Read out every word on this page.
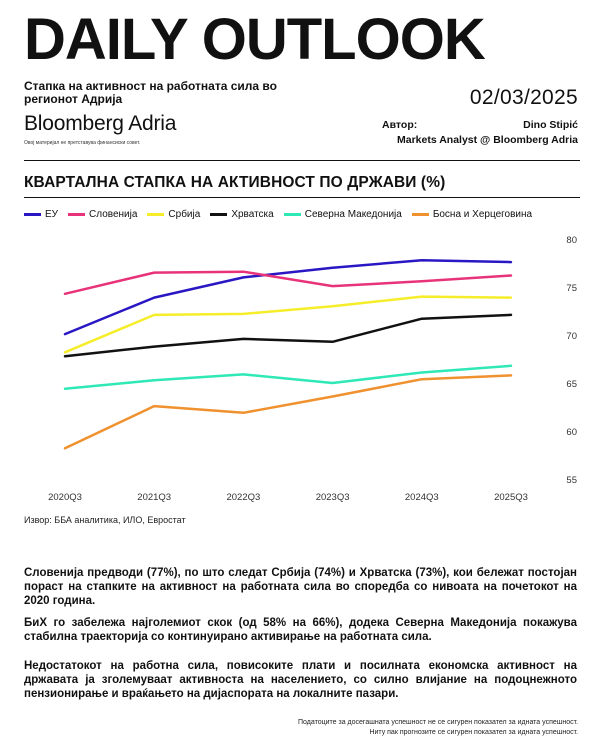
DAILY OUTLOOK
Стапка на активност на работната сила во регионот Адрија	02/03/2025
Bloomberg Adria
Овој материјал не претставува финансиски совет.
Автор:	Dino Stipić
Markets Analyst @ Bloomberg Adria
КВАРТАЛНА СТАПКА НА АКТИВНОСТ ПО ДРЖАВИ (%)
ЕУ	Словенија	Србија	Хрватска	Северна Македонија	Босна и Херцеговина
2020Q3	2021Q3	2022Q3	2023Q3	2024Q3	2025Q3
55
60
65
70
75
80
Извор: ББА аналитика, ИЛО, Евростат
Словенија предводи (77%), по што следат Србија (74%) и Хрватска (73%), кои бележат постојан пораст на стапките на активност на работната сила во споредба со нивоата на почетокот на 2020 година.
БиХ го забележа најголемиот скок (од 58% на 66%), додека Северна Македонија покажува стабилна траекторија со континуирано активирање на работната сила.
Недостатокот на работна сила, повисоките плати и посилната економска активност на државата ја зголемуваат активноста на населението, со силно влијание на подоцнежното пензионирање и враќањето на дијаспората на локалните пазари.
Податоците за досегашната успешност не се сигурен показател за идната успешност.
Ниту пак прогнозите се сигурен показател за идната успешност.
